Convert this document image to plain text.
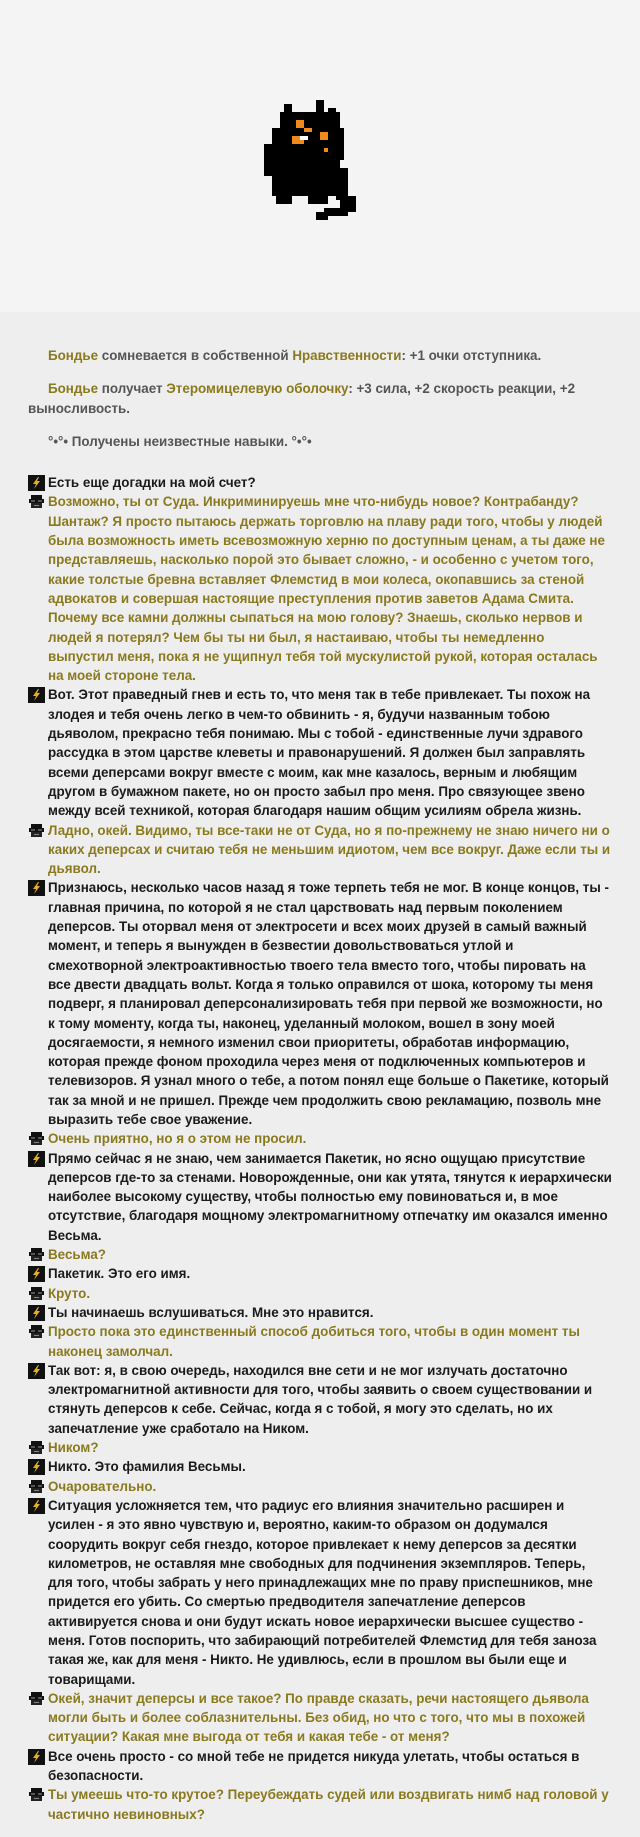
Бондье сомневается в собственной Нравственности: +1 очки отступника.

Бондье получает Этеромицелевую оболочку: +3 сила, +2 скорость реакции, +2 выносливость.

°•°• Получены неизвестные навыки. °•°•

Есть еще догадки на мой счет?

Возможно, ты от Суда. Инкриминируешь мне что-нибудь новое? Контрабанду? Шантаж? Я просто пытаюсь держать торговлю на плаву ради того, чтобы у людей была возможность иметь всевозможную херню по доступным ценам, а ты даже не представляешь, насколько порой это бывает сложно, - и особенно с учетом того, какие толстые бревна вставляет Флемстид в мои колеса, окопавшись за стеной адвокатов и совершая настоящие преступления против заветов Адама Смита. Почему все камни должны сыпаться на мою голову? Знаешь, сколько нервов и людей я потерял? Чем бы ты ни был, я настаиваю, чтобы ты немедленно выпустил меня, пока я не ущипнул тебя той мускулистой рукой, которая осталась на моей стороне тела.

Вот. Этот праведный гнев и есть то, что меня так в тебе привлекает. Ты похож на злодея и тебя очень легко в чем-то обвинить - я, будучи названным тобою дьяволом, прекрасно тебя понимаю. Мы с тобой - единственные лучи здравого рассудка в этом царстве клеветы и правонарушений. Я должен был заправлять всеми деперсами вокруг вместе с моим, как мне казалось, верным и любящим другом в бумажном пакете, но он просто забыл про меня. Про связующее звено между всей техникой, которая благодаря нашим общим усилиям обрела жизнь.

Ладно, окей. Видимо, ты все-таки не от Суда, но я по-прежнему не знаю ничего ни о каких деперсах и считаю тебя не меньшим идиотом, чем все вокруг. Даже если ты и дьявол.

Признаюсь, несколько часов назад я тоже терпеть тебя не мог. В конце концов, ты - главная причина, по которой я не стал царствовать над первым поколением деперсов. Ты оторвал меня от электросети и всех моих друзей в самый важный момент, и теперь я вынужден в безвестии довольствоваться утлой и смехотворной электроактивностью твоего тела вместо того, чтобы пировать на все двести двадцать вольт. Когда я только оправился от шока, которому ты меня подверг, я планировал деперсонализировать тебя при первой же возможности, но к тому моменту, когда ты, наконец, уделанный молоком, вошел в зону моей досягаемости, я немного изменил свои приоритеты, обработав информацию, которая прежде фоном проходила через меня от подключенных компьютеров и телевизоров. Я узнал много о тебе, а потом понял еще больше о Пакетике, который так за мной и не пришел. Прежде чем продолжить свою рекламацию, позволь мне выразить тебе свое уважение.

Очень приятно, но я о этом не просил.

Прямо сейчас я не знаю, чем занимается Пакетик, но ясно ощущаю присутствие деперсов где-то за стенами. Новорожденные, они как утята, тянутся к иерархически наиболее высокому существу, чтобы полностью ему повиноваться и, в мое отсутствие, благодаря мощному электромагнитному отпечатку им оказался именно Весьма.

Весьма?

Пакетик. Это его имя.

Круто.

Ты начинаешь вслушиваться. Мне это нравится.

Просто пока это единственный способ добиться того, чтобы в один момент ты наконец замолчал.

Так вот: я, в свою очередь, находился вне сети и не мог излучать достаточно электромагнитной активности для того, чтобы заявить о своем существовании и стянуть деперсов к себе. Сейчас, когда я с тобой, я могу это сделать, но их запечатление уже сработало на Ником.

Ником?

Никто. Это фамилия Весьмы.

Очаровательно.

Ситуация усложняется тем, что радиус его влияния значительно расширен и усилен - я это явно чувствую и, вероятно, каким-то образом он додумался соорудить вокруг себя гнездо, которое привлекает к нему деперсов за десятки километров, не оставляя мне свободных для подчинения экземпляров. Теперь, для того, чтобы забрать у него принадлежащих мне по праву приспешников, мне придется его убить. Со смертью предводителя запечатление деперсов активируется снова и они будут искать новое иерархически высшее существо - меня. Готов поспорить, что забирающий потребителей Флемстид для тебя заноза такая же, как для меня - Никто. Не удивлюсь, если в прошлом вы были еще и товарищами.

Окей, значит деперсы и все такое? По правде сказать, речи настоящего дьявола могли быть и более соблазнительны. Без обид, но что с того, что мы в похожей ситуации? Какая мне выгода от тебя и какая тебе - от меня?

Все очень просто - со мной тебе не придется никуда улетать, чтобы остаться в безопасности.

Ты умеешь что-то крутое? Переубеждать судей или воздвигать нимб над головой у частично невиновных?
